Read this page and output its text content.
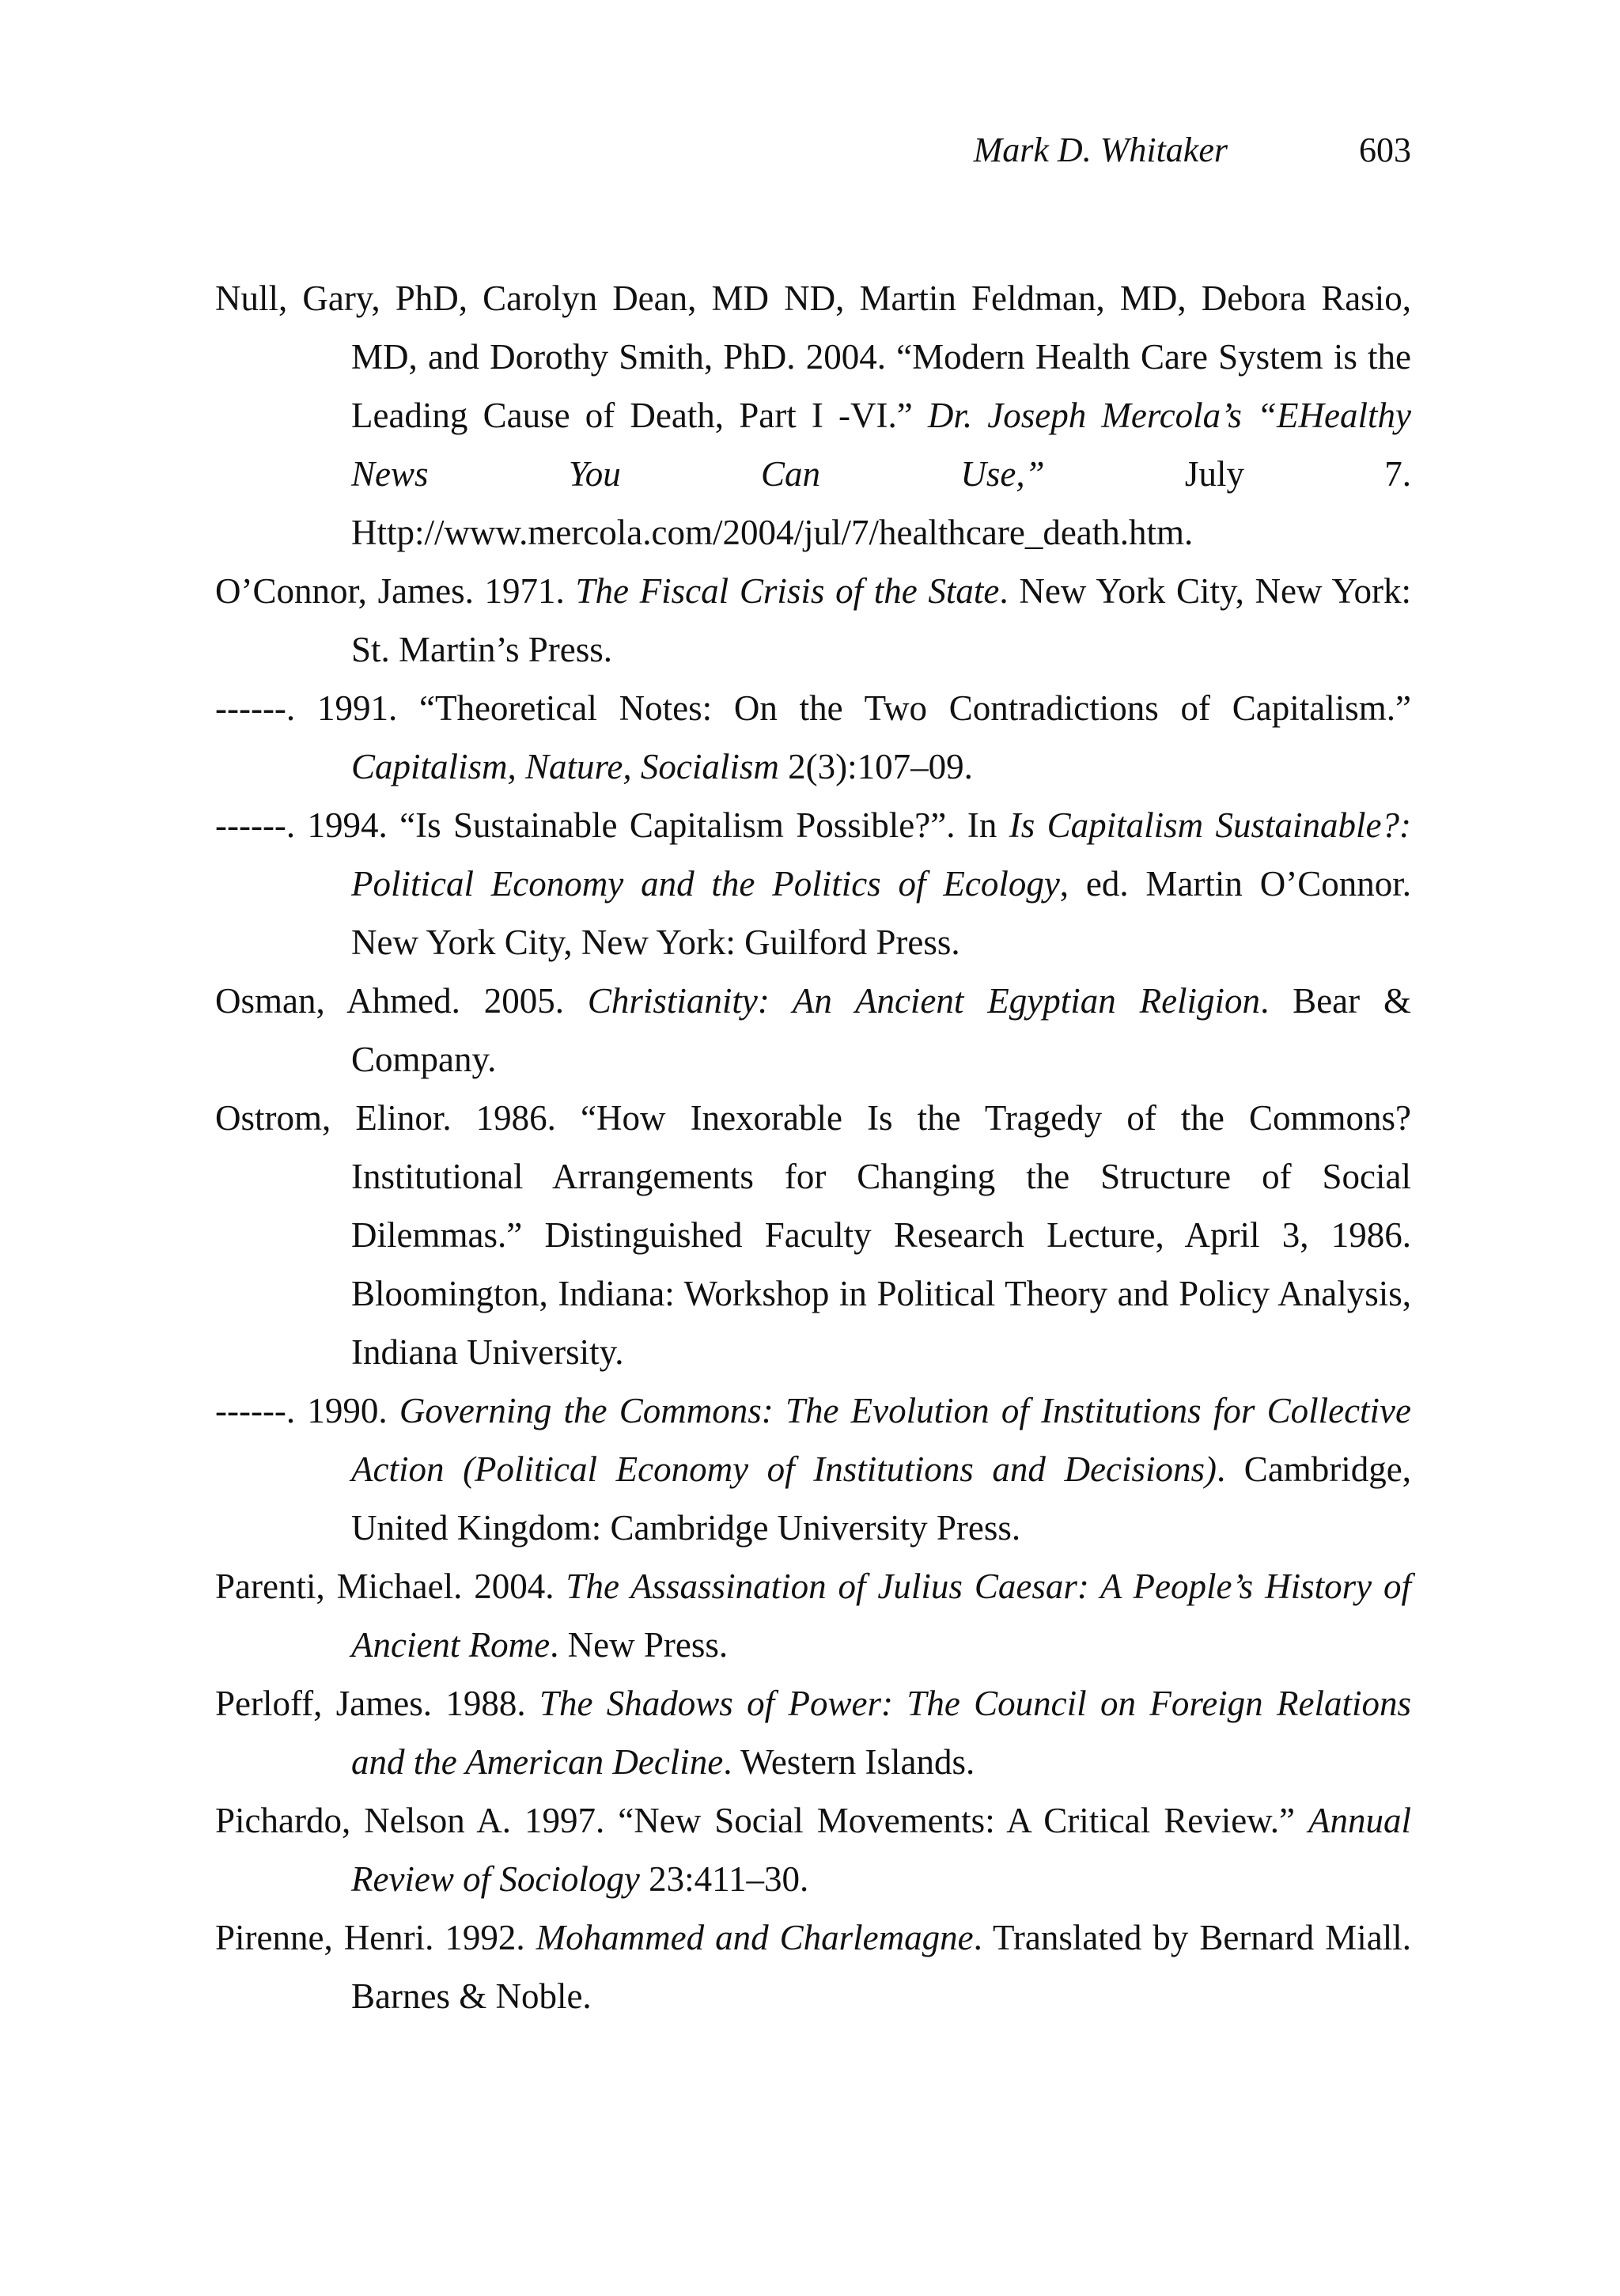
Mark D. Whitaker	603

Null, Gary, PhD, Carolyn Dean, MD ND, Martin Feldman, MD, Debora Rasio, MD, and Dorothy Smith, PhD. 2004. “Modern Health Care System is the Leading Cause of Death, Part I -VI.” Dr. Joseph Mercola’s “EHealthy News You Can Use,” July 7. Http://www.mercola.com/2004/jul/7/healthcare_death.htm.

O’Connor, James. 1971. The Fiscal Crisis of the State. New York City, New York: St. Martin’s Press.

------. 1991. “Theoretical Notes: On the Two Contradictions of Capitalism.” Capitalism, Nature, Socialism 2(3):107–09.

------. 1994. “Is Sustainable Capitalism Possible?”. In Is Capitalism Sustainable?: Political Economy and the Politics of Ecology, ed. Martin O’Connor. New York City, New York: Guilford Press.

Osman, Ahmed. 2005. Christianity: An Ancient Egyptian Religion. Bear & Company.

Ostrom, Elinor. 1986. “How Inexorable Is the Tragedy of the Commons? Institutional Arrangements for Changing the Structure of Social Dilemmas.” Distinguished Faculty Research Lecture, April 3, 1986. Bloomington, Indiana: Workshop in Political Theory and Policy Analysis, Indiana University.

------. 1990. Governing the Commons: The Evolution of Institutions for Collective Action (Political Economy of Institutions and Decisions). Cambridge, United Kingdom: Cambridge University Press.

Parenti, Michael. 2004. The Assassination of Julius Caesar: A People’s History of Ancient Rome. New Press.

Perloff, James. 1988. The Shadows of Power: The Council on Foreign Relations and the American Decline. Western Islands.

Pichardo, Nelson A. 1997. “New Social Movements: A Critical Review.” Annual Review of Sociology 23:411–30.

Pirenne, Henri. 1992. Mohammed and Charlemagne. Translated by Bernard Miall. Barnes & Noble.
